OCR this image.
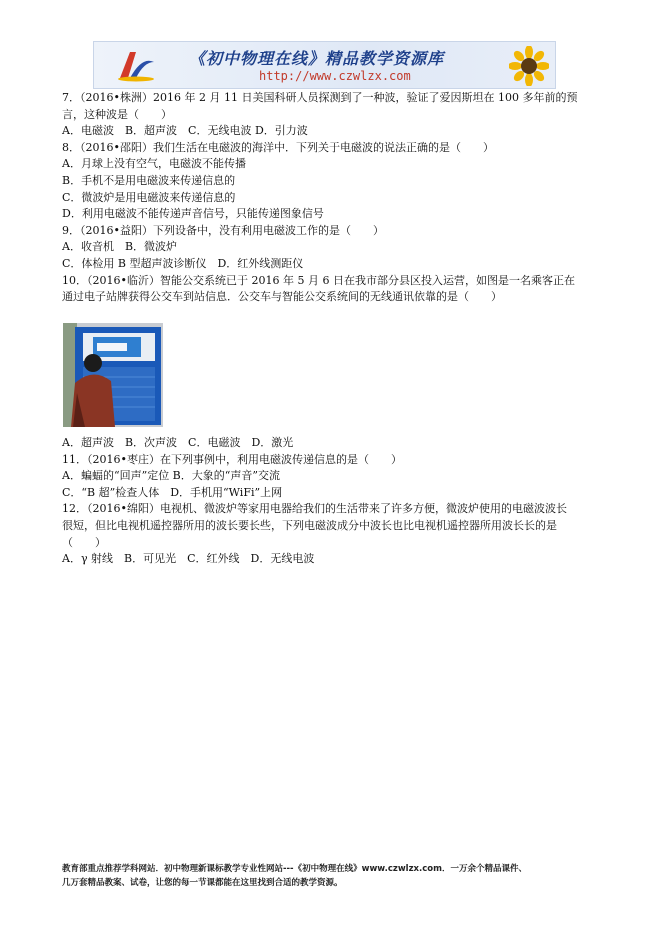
《初中物理在线》精品教学资源库
http://www.czwlzx.com

7．（2016•株洲）2016 年 2 月 11 日美国科研人员探测到了一种波，验证了爱因斯坦在 100 多年前的预

言，这种波是（　　）

A．电磁波　B．超声波　C．无线电波 D．引力波

8．（2016•邵阳）我们生活在电磁波的海洋中．下列关于电磁波的说法正确的是（　　）

A．月球上没有空气，电磁波不能传播

B．手机不是用电磁波来传递信息的

C．微波炉是用电磁波来传递信息的

D．利用电磁波不能传递声音信号，只能传递图象信号

9．（2016•益阳）下列设备中，没有利用电磁波工作的是（　　）

A．收音机　B．微波炉

C．体检用 B 型超声波诊断仪　D．红外线测距仪

10．（2016•临沂）智能公交系统已于 2016 年 5 月 6 日在我市部分县区投入运营，如图是一名乘客正在

通过电子站牌获得公交车到站信息．公交车与智能公交系统间的无线通讯依靠的是（　　）

A．超声波　B．次声波　C．电磁波　D．激光

11．（2016•枣庄）在下列事例中，利用电磁波传递信息的是（　　）

A．蝙蝠的“回声”定位 B．大象的“声音”交流

C．“B 超”检查人体　D．手机用“WiFi”上网

12．（2016•绵阳）电视机、微波炉等家用电器给我们的生活带来了许多方便，微波炉使用的电磁波波长

很短，但比电视机遥控器所用的波长要长些，下列电磁波成分中波长也比电视机遥控器所用波长长的是

（　　）

A．γ 射线　B．可见光　C．红外线　D．无线电波

教育部重点推荐学科网站．初中物理新课标教学专业性网站---《初中物理在线》www.czwlzx.com．一万余个精品课件、

几万套精品教案、试卷，让您的每一节课都能在这里找到合适的教学资源。
